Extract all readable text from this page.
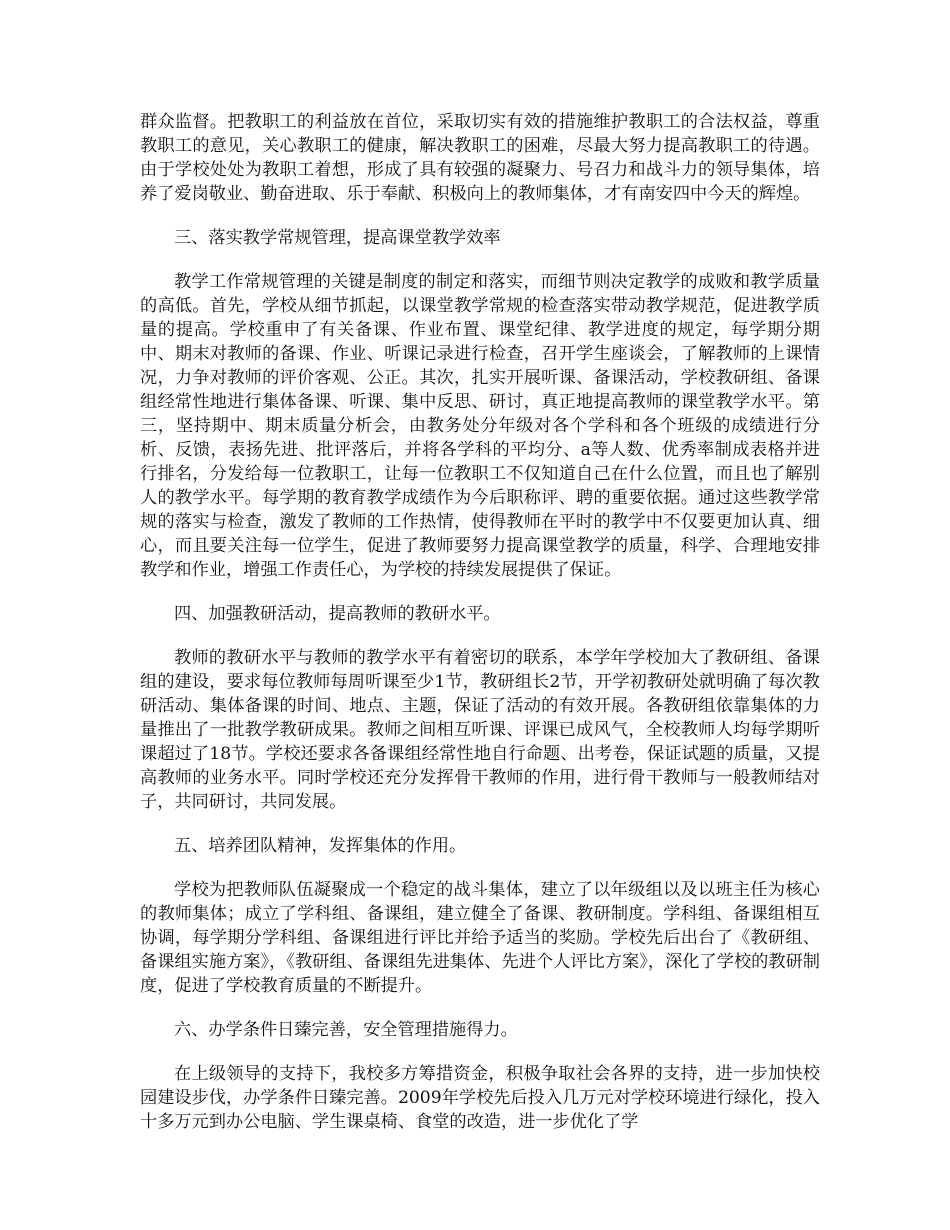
群众监督。把教职工的利益放在首位，采取切实有效的措施维护教职工的合法权益，尊重教职工的意见，关心教职工的健康，解决教职工的困难，尽最大努力提高教职工的待遇。由于学校处处为教职工着想，形成了具有较强的凝聚力、号召力和战斗力的领导集体，培养了爱岗敬业、勤奋进取、乐于奉献、积极向上的教师集体，才有南安四中今天的辉煌。

三、落实教学常规管理，提高课堂教学效率

教学工作常规管理的关键是制度的制定和落实，而细节则决定教学的成败和教学质量的高低。首先，学校从细节抓起，以课堂教学常规的检查落实带动教学规范，促进教学质量的提高。学校重申了有关备课、作业布置、课堂纪律、教学进度的规定，每学期分期中、期末对教师的备课、作业、听课记录进行检查，召开学生座谈会，了解教师的上课情况，力争对教师的评价客观、公正。其次，扎实开展听课、备课活动，学校教研组、备课组经常性地进行集体备课、听课、集中反思、研讨，真正地提高教师的课堂教学水平。第三，坚持期中、期末质量分析会，由教务处分年级对各个学科和各个班级的成绩进行分析、反馈，表扬先进、批评落后，并将各学科的平均分、a等人数、优秀率制成表格并进行排名，分发给每一位教职工，让每一位教职工不仅知道自己在什么位置，而且也了解别人的教学水平。每学期的教育教学成绩作为今后职称评、聘的重要依据。通过这些教学常规的落实与检查，激发了教师的工作热情，使得教师在平时的教学中不仅要更加认真、细心，而且要关注每一位学生，促进了教师要努力提高课堂教学的质量，科学、合理地安排教学和作业，增强工作责任心，为学校的持续发展提供了保证。

四、加强教研活动，提高教师的教研水平。

教师的教研水平与教师的教学水平有着密切的联系，本学年学校加大了教研组、备课组的建设，要求每位教师每周听课至少1节，教研组长2节，开学初教研处就明确了每次教研活动、集体备课的时间、地点、主题，保证了活动的有效开展。各教研组依靠集体的力量推出了一批教学教研成果。教师之间相互听课、评课已成风气，全校教师人均每学期听课超过了18节。学校还要求各备课组经常性地自行命题、出考卷，保证试题的质量，又提高教师的业务水平。同时学校还充分发挥骨干教师的作用，进行骨干教师与一般教师结对子，共同研讨，共同发展。

五、培养团队精神，发挥集体的作用。

学校为把教师队伍凝聚成一个稳定的战斗集体，建立了以年级组以及以班主任为核心的教师集体；成立了学科组、备课组，建立健全了备课、教研制度。学科组、备课组相互协调，每学期分学科组、备课组进行评比并给予适当的奖励。学校先后出台了《教研组、备课组实施方案》，《教研组、备课组先进集体、先进个人评比方案》，深化了学校的教研制度，促进了学校教育质量的不断提升。

六、办学条件日臻完善，安全管理措施得力。

在上级领导的支持下，我校多方筹措资金，积极争取社会各界的支持，进一步加快校园建设步伐，办学条件日臻完善。2009年学校先后投入几万元对学校环境进行绿化，投入十多万元到办公电脑、学生课桌椅、食堂的改造，进一步优化了学
